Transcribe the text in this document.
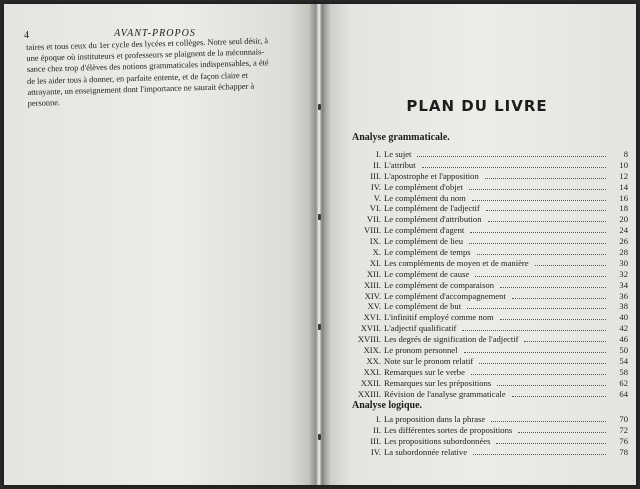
4	AVANT-PROPOS
taires et tous ceux du 1er cycle des lycées et collèges. Notre seul désir, à
une époque où instituteurs et professeurs se plaignent de la méconnais-
sance chez trop d'élèves des notions grammaticales indispensables, a été
de les aider tous à donner, en parfaite entente, et de façon claire et
attrayante, un enseignement dont l'importance ne saurait échapper à
personne.	PLAN DU LIVRE
Analyse grammaticale.
I. Le sujet	8
II. L'attribut	10
III. L'apostrophe et l'apposition	12
IV. Le complément d'objet	14
V. Le complément du nom	16
VI. Le complément de l'adjectif	18
VII. Le complément d'attribution	20
VIII. Le complément d'agent	24
IX. Le complément de lieu	26
X. Le complément de temps	28
XI. Les compléments de moyen et de manière	30
XII. Le complément de cause	32
XIII. Le complément de comparaison	34
XIV. Le complément d'accompagnement	36
XV. Le complément de but	38
XVI. L'infinitif employé comme nom	40
XVII. L'adjectif qualificatif	42
XVIII. Les degrés de signification de l'adjectif	46
XIX. Le pronom personnel	50
XX. Note sur le pronom relatif	54
XXI. Remarques sur le verbe	58
XXII. Remarques sur les prépositions	62
XXIII. Révision de l'analyse grammaticale	64
Analyse logique.
I. La proposition dans la phrase	70
II. Les différentes sortes de propositions	72
III. Les propositions subordonnées	76
IV. La subordonnée relative	78
